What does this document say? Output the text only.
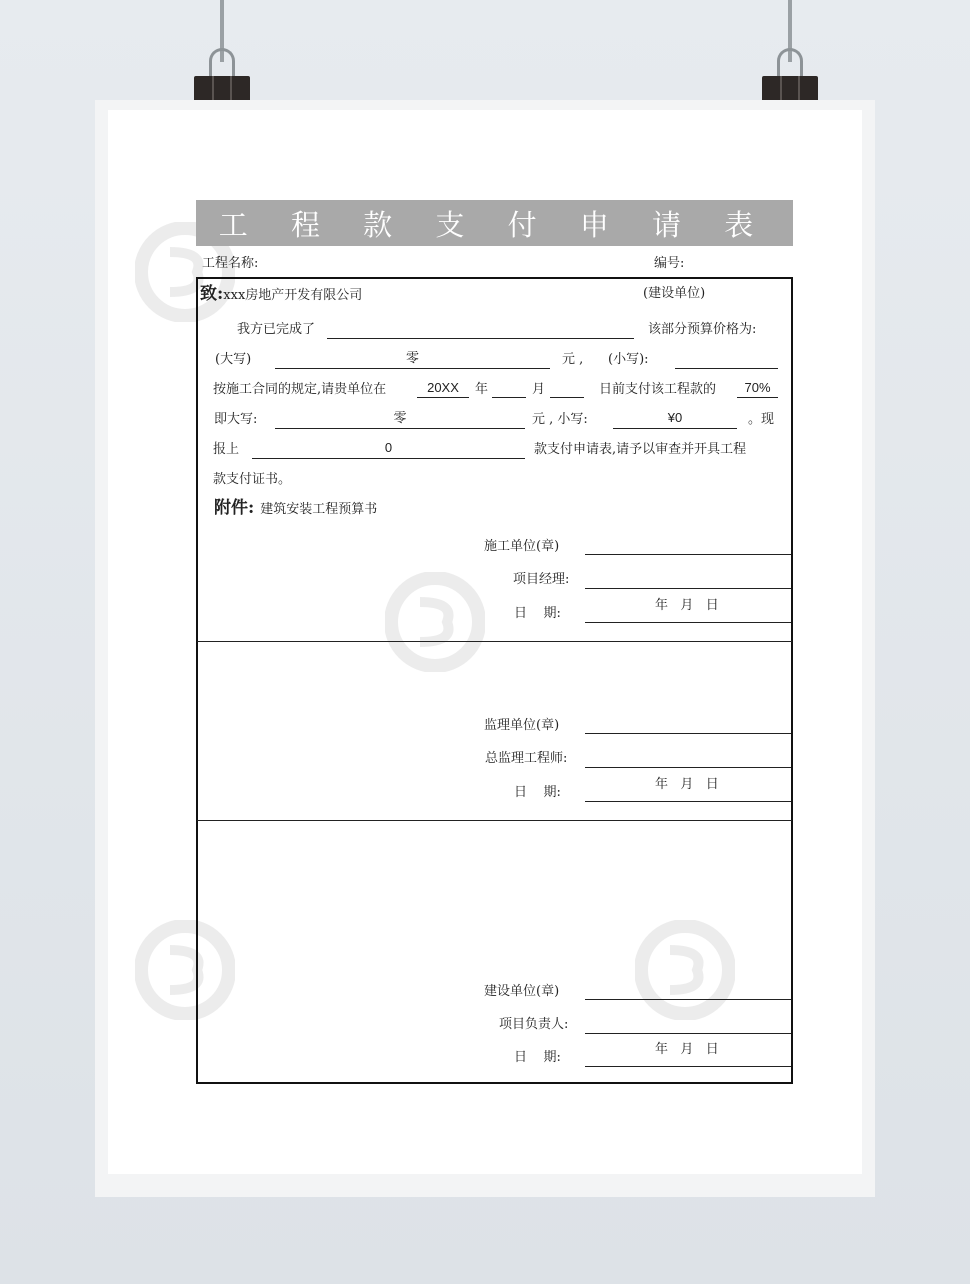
工 程 款 支 付 申 请 表
工程名称:	编号:
致:xxx房地产开发有限公司	(建设单位)
我方已完成了	该部分预算价格为:
(大写)	零	元 , (小写):
按施工合同的规定,请贵单位在	20XX	年	月	日前支付该工程款的	70%
即大写:	零	元 , 小写:	¥0	。现
报上	0	款支付申请表,请予以审查并开具工程
款支付证书。
附件: 建筑安装工程预算书
施工单位(章)
项目经理:
日    期:
年   月   日
监理单位(章)
总监理工程师:
日    期:
年   月   日
建设单位(章)
项目负责人:
日    期:
年   月   日
